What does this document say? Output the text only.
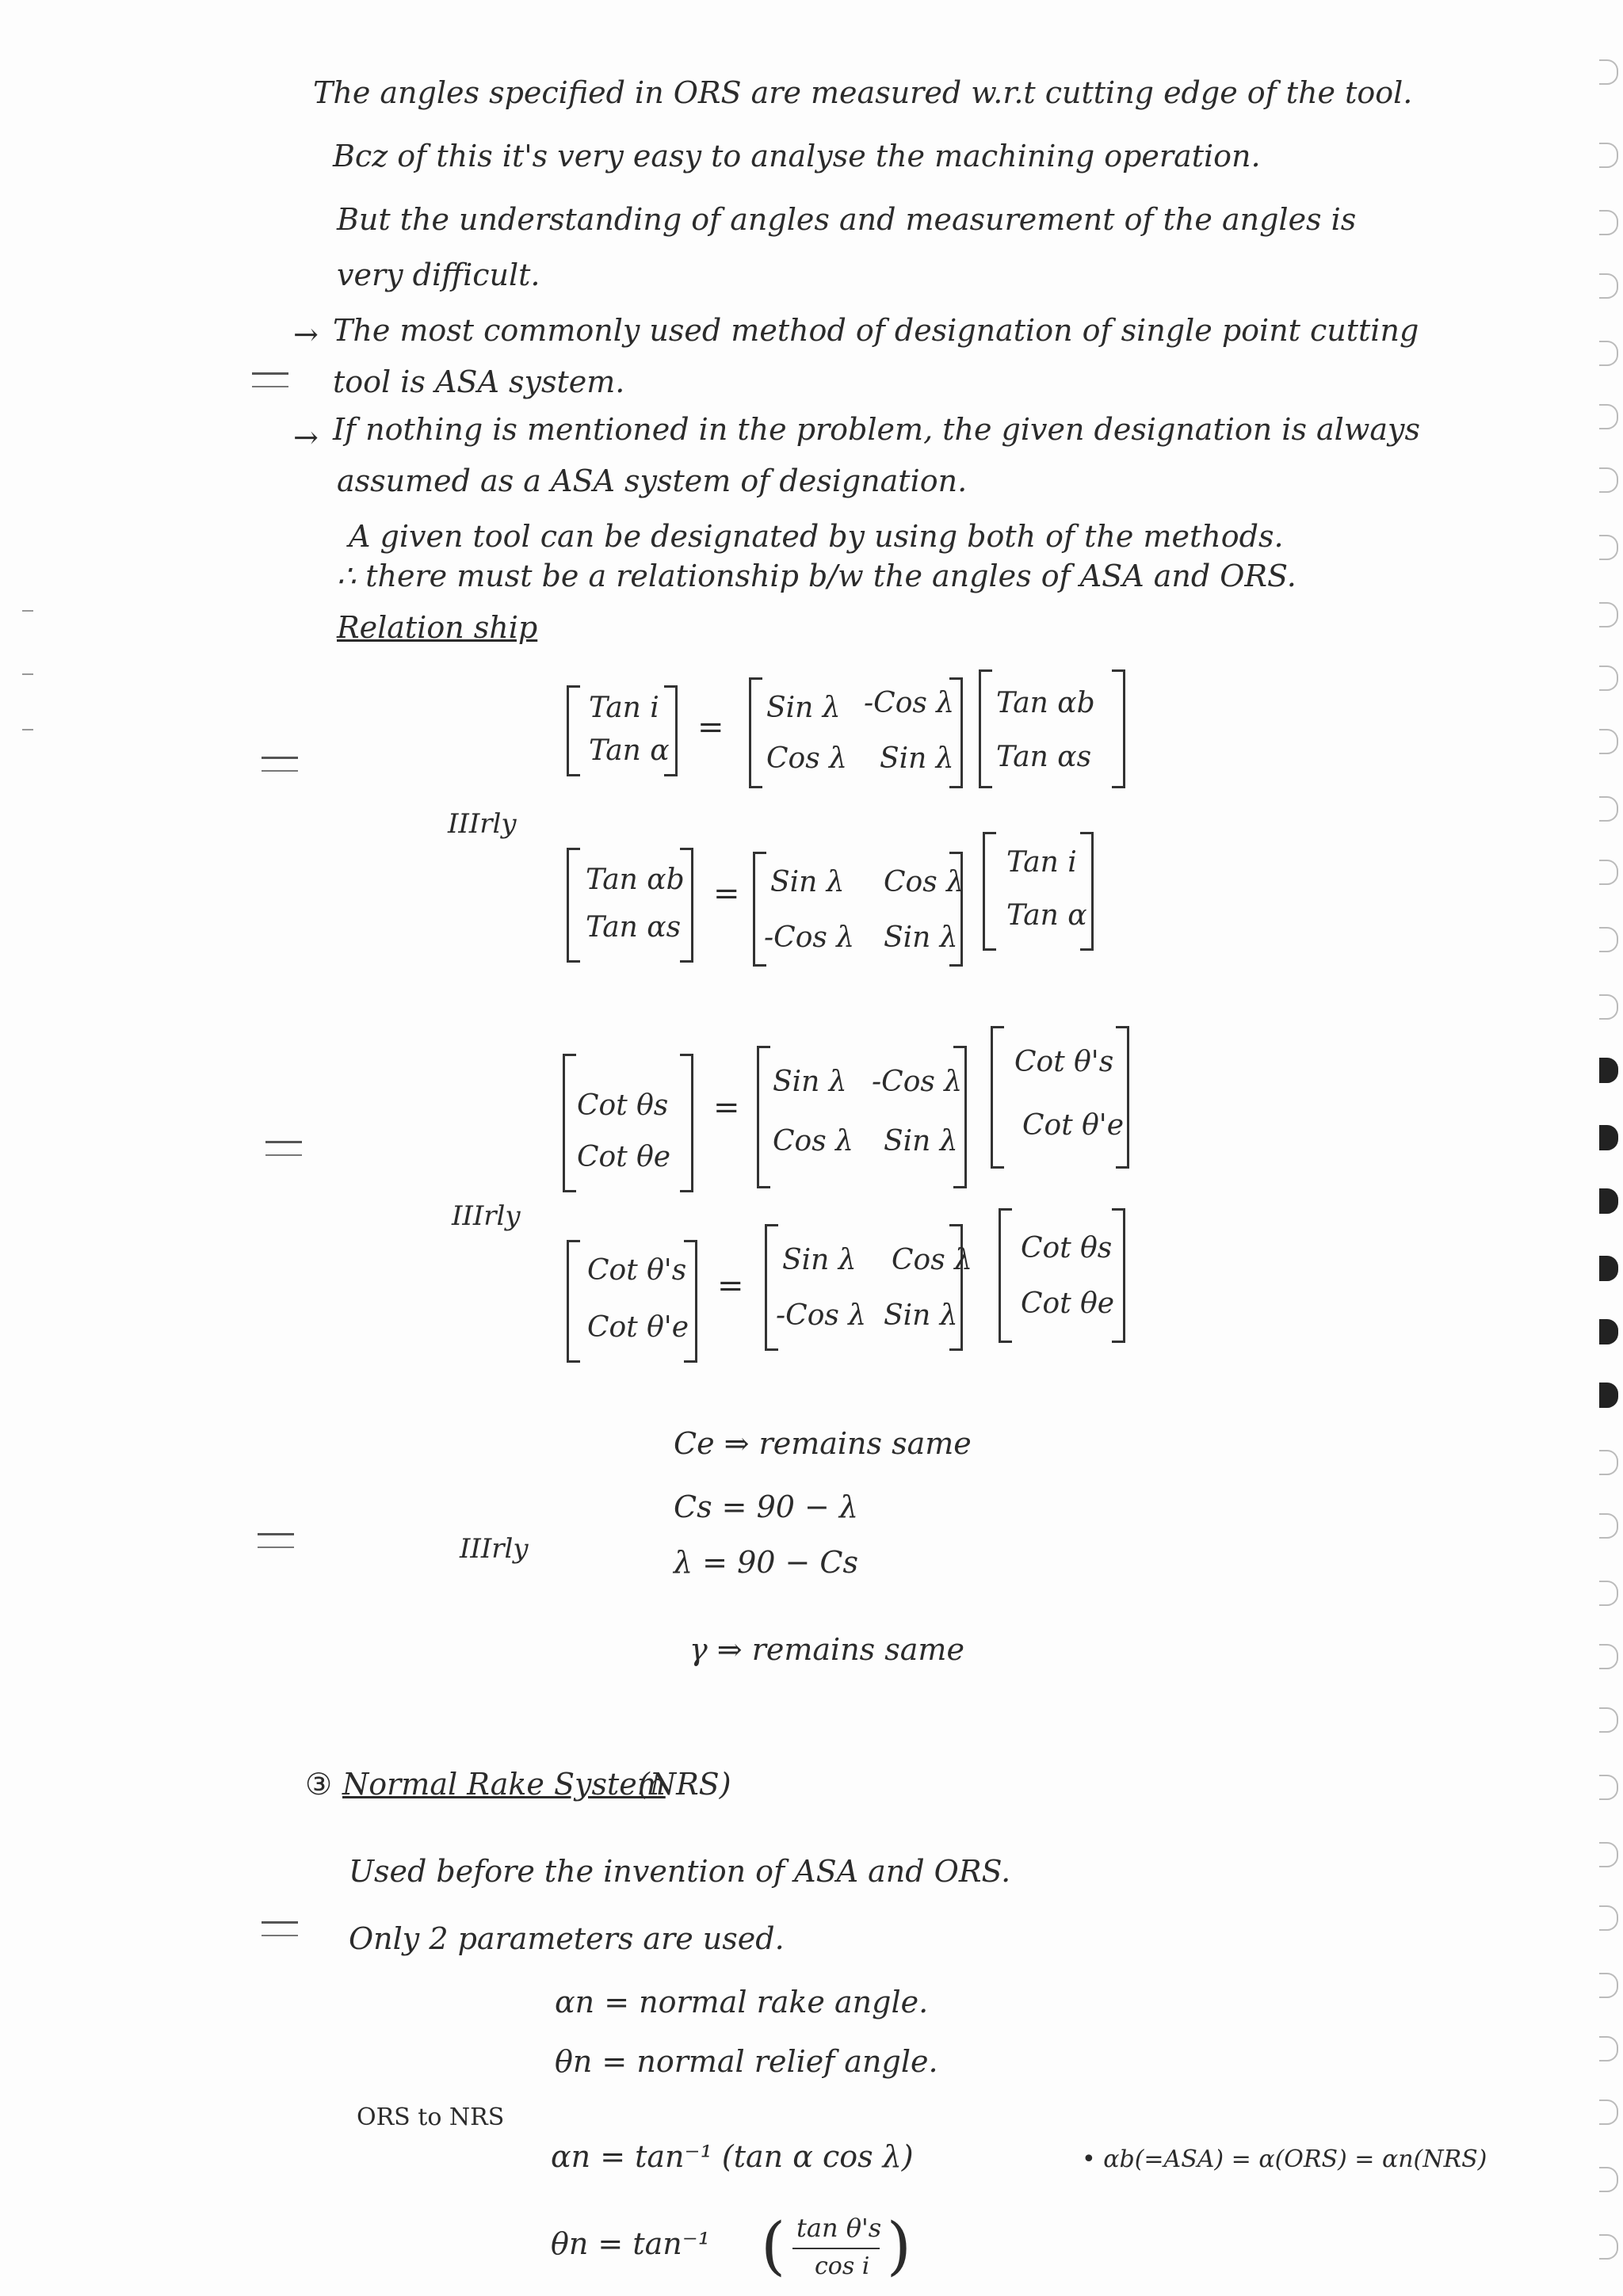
The angles specified in ORS are measured w.r.t cutting edge of the tool.
Bcz of this it's very easy to analyse the machining operation.
But the understanding of angles and measurement of the angles is
very difficult.
→ The most commonly used method of designation of single point cutting
tool is ASA system.
→ If nothing is mentioned in the problem, the given designation is always
assumed as a ASA system of designation.
A given tool can be designated by using both of the methods.
∴ there must be a relationship b/w the angles of ASA and ORS.
Relation ship
Tan i
Tan α
=
Sin λ -Cos λ
Cos λ Sin λ
Tan αb
Tan αs
IIIrly
Tan αb
Tan αs
= Sin λ Cos λ
-Cos λ Sin λ
Tan i
Tan α
Cot θs
Cot θe
=
Sin λ -Cos λ
Cos λ Sin λ
Cot θ's
Cot θ'e
IIIrly
Cot θ's
Cot θ'e
=
Sin λ Cos λ
-Cos λ Sin λ
Cot θs
Cot θe
Ce ⇒ remains same
Cs = 90 − λ
λ = 90 − Cs
IIIrly
γ ⇒ remains same
③ Normal Rake System
(NRS)
Used before the invention of ASA and ORS.
Only 2 parameters are used.
αn = normal rake angle.
θn = normal relief angle.
ORS to NRS
αn = tan⁻¹ (tan α cos λ)	• αb(=ASA) = α(ORS) = αn(NRS)
θn = tan⁻¹ ( )
tan θ's
cos i
